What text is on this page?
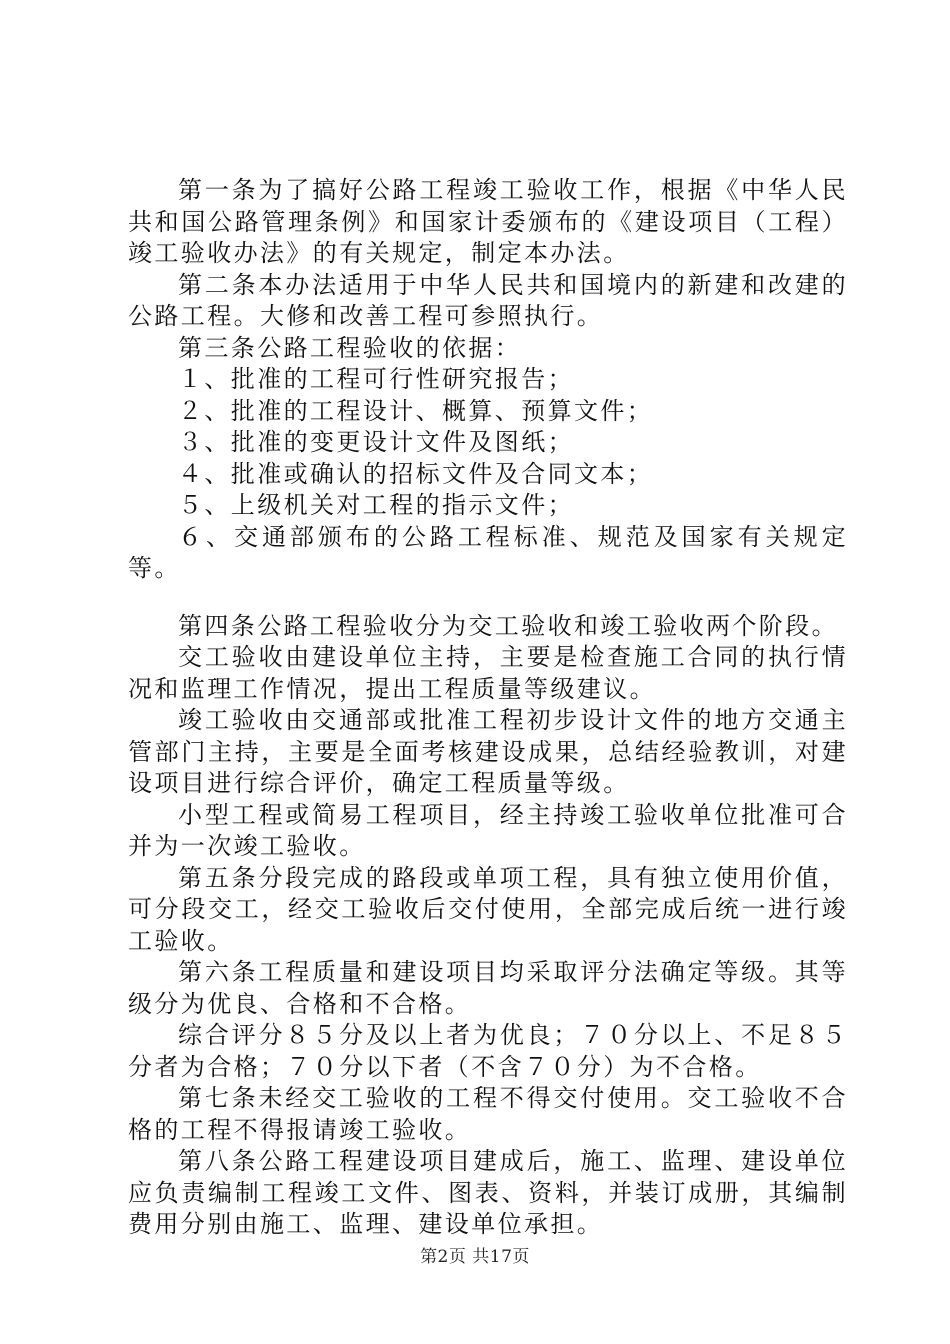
第一条为了搞好公路工程竣工验收工作，根据《中华人民共和国公路管理条例》和国家计委颁布的《建设项目（工程）竣工验收办法》的有关规定，制定本办法。

第二条本办法适用于中华人民共和国境内的新建和改建的公路工程。大修和改善工程可参照执行。

第三条公路工程验收的依据：

１、批准的工程可行性研究报告；

２、批准的工程设计、概算、预算文件；

３、批准的变更设计文件及图纸；

４、批准或确认的招标文件及合同文本；

５、上级机关对工程的指示文件；

６、交通部颁布的公路工程标准、规范及国家有关规定等。

第四条公路工程验收分为交工验收和竣工验收两个阶段。

交工验收由建设单位主持，主要是检查施工合同的执行情况和监理工作情况，提出工程质量等级建议。

竣工验收由交通部或批准工程初步设计文件的地方交通主管部门主持，主要是全面考核建设成果，总结经验教训，对建设项目进行综合评价，确定工程质量等级。

小型工程或简易工程项目，经主持竣工验收单位批准可合并为一次竣工验收。

第五条分段完成的路段或单项工程，具有独立使用价值，可分段交工，经交工验收后交付使用，全部完成后统一进行竣工验收。

第六条工程质量和建设项目均采取评分法确定等级。其等级分为优良、合格和不合格。

综合评分８５分及以上者为优良；７０分以上、不足８５分者为合格；７０分以下者（不含７０分）为不合格。

第七条未经交工验收的工程不得交付使用。交工验收不合格的工程不得报请竣工验收。

第八条公路工程建设项目建成后，施工、监理、建设单位应负责编制工程竣工文件、图表、资料，并装订成册，其编制费用分别由施工、监理、建设单位承担。

第2页 共17页
